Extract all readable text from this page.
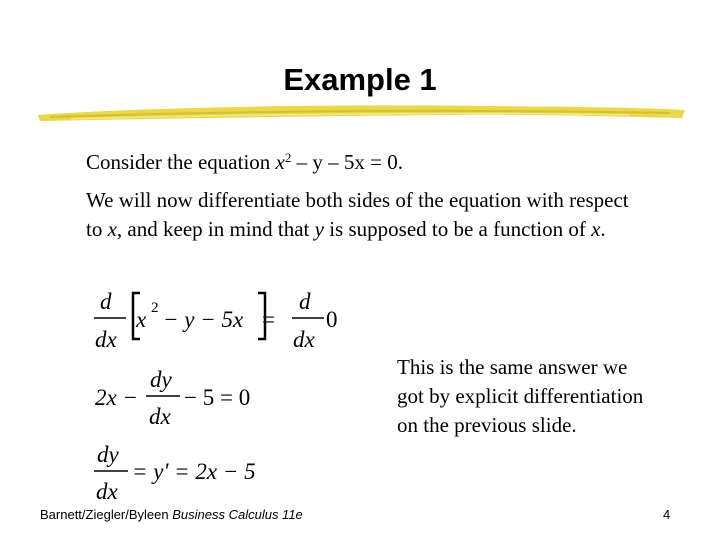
Example 1

Consider the equation $x^2 - y - 5x = 0$.

We will now differentiate both sides of the equation with respect to x, and keep in mind that y is supposed to be a function of x.

d
dx
x 2 − y − 5x =
d
dx
0
2x −
dy
dx
− 5 = 0
dy
dx
= y' = 2x − 5
This is the same answer we got by explicit differentiation on the previous slide.
Barnett/Ziegler/Byleen Business Calculus 11e	4
